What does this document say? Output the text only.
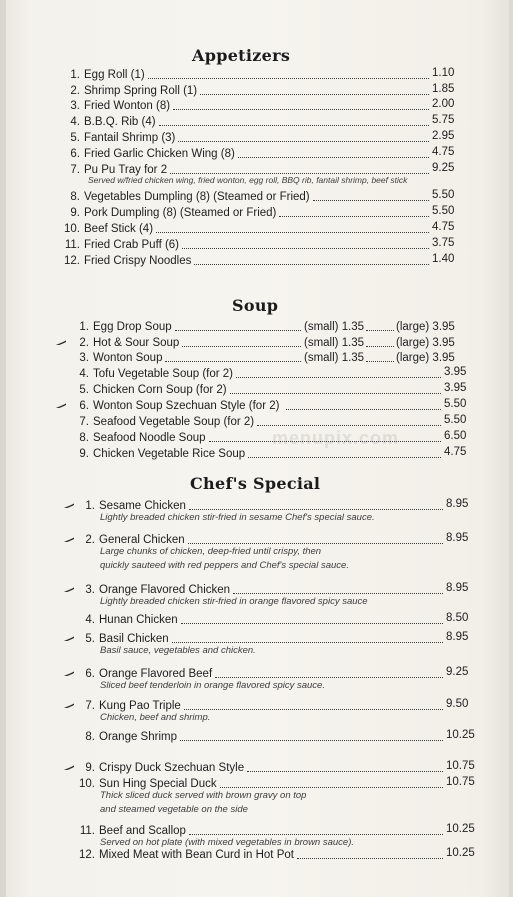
menupix.com
Appetizers
Soup
Chef's Special
1. Egg Roll (1)	1.10
2. Shrimp Spring Roll (1)	1.85
3. Fried Wonton (8)	2.00
4. B.B.Q. Rib (4)	5.75
5. Fantail Shrimp (3)	2.95
6. Fried Garlic Chicken Wing (8)	4.75
7. Pu Pu Tray for 2	9.25
Served w/fried chicken wing, fried wonton, egg roll, BBQ rib, fantail shrimp, beef stick
8. Vegetables Dumpling (8) (Steamed or Fried)	5.50
9. Pork Dumpling (8) (Steamed or Fried)	5.50
10. Beef Stick (4)	4.75
11. Fried Crab Puff (6)	3.75
12. Fried Crispy Noodles	1.40
1. Egg Drop Soup	(small) 1.35	(large) 3.95
2. Hot & Sour Soup	(small) 1.35	(large) 3.95
3. Wonton Soup	(small) 1.35	(large) 3.95
4. Tofu Vegetable Soup (for 2)	3.95
5. Chicken Corn Soup (for 2)	3.95
6. Wonton Soup Szechuan Style (for 2)	5.50
7. Seafood Vegetable Soup (for 2)	5.50
8. Seafood Noodle Soup	6.50
9. Chicken Vegetable Rice Soup	4.75
1. Sesame Chicken	8.95
Lightly breaded chicken stir-fried in sesame Chef's special sauce.
2. General Chicken	8.95
Large chunks of chicken, deep-fried until crispy, then
quickly sauteed with red peppers and Chef's special sauce.
3. Orange Flavored Chicken	8.95
Lightly breaded chicken stir-fried in orange flavored spicy sauce
4. Hunan Chicken	8.50
5. Basil Chicken	8.95
Basil sauce, vegetables and chicken.
6. Orange Flavored Beef	9.25
Sliced beef tenderloin in orange flavored spicy sauce.
7. Kung Pao Triple	9.50
Chicken, beef and shrimp.
8. Orange Shrimp	10.25
9. Crispy Duck Szechuan Style	10.75
10. Sun Hing Special Duck	10.75
Thick sliced duck served with brown gravy on top
and steamed vegetable on the side
11. Beef and Scallop	10.25
Served on hot plate (with mixed vegetables in brown sauce).
12. Mixed Meat with Bean Curd in Hot Pot	10.25
